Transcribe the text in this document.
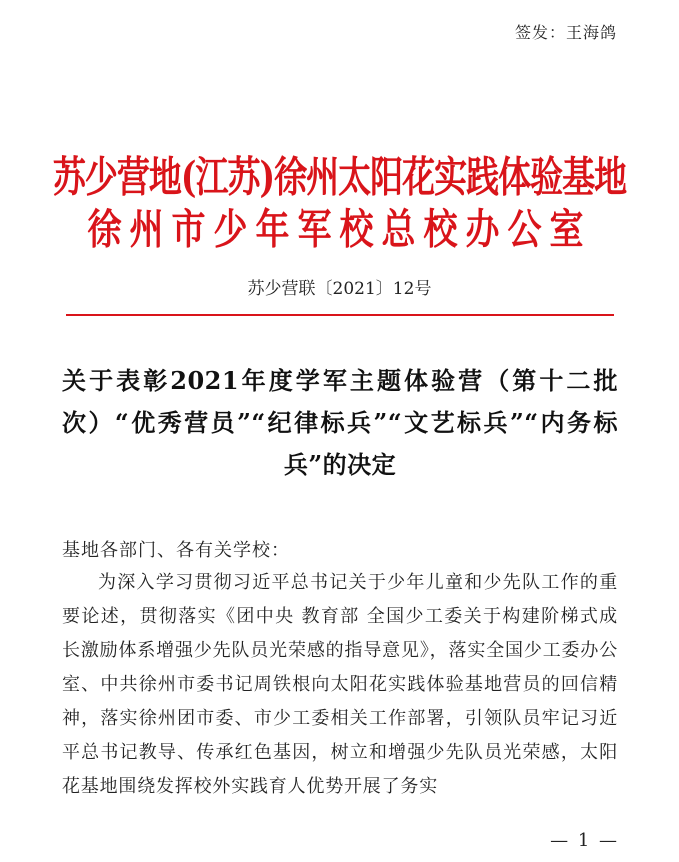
签发：王海鸽
苏少营地(江苏)徐州太阳花实践体验基地
徐州市少年军校总校办公室
苏少营联〔2021〕12号
关于表彰2021年度学军主题体验营（第十二批次）“优秀营员”“纪律标兵”“文艺标兵”“内务标兵”的决定
基地各部门、各有关学校：
为深入学习贯彻习近平总书记关于少年儿童和少先队工作的重要论述，贯彻落实《团中央 教育部 全国少工委关于构建阶梯式成长激励体系增强少先队员光荣感的指导意见》，落实全国少工委办公室、中共徐州市委书记周铁根向太阳花实践体验基地营员的回信精神，落实徐州团市委、市少工委相关工作部署，引领队员牢记习近平总书记教导、传承红色基因，树立和增强少先队员光荣感，太阳花基地围绕发挥校外实践育人优势开展了务实
— 1 —
